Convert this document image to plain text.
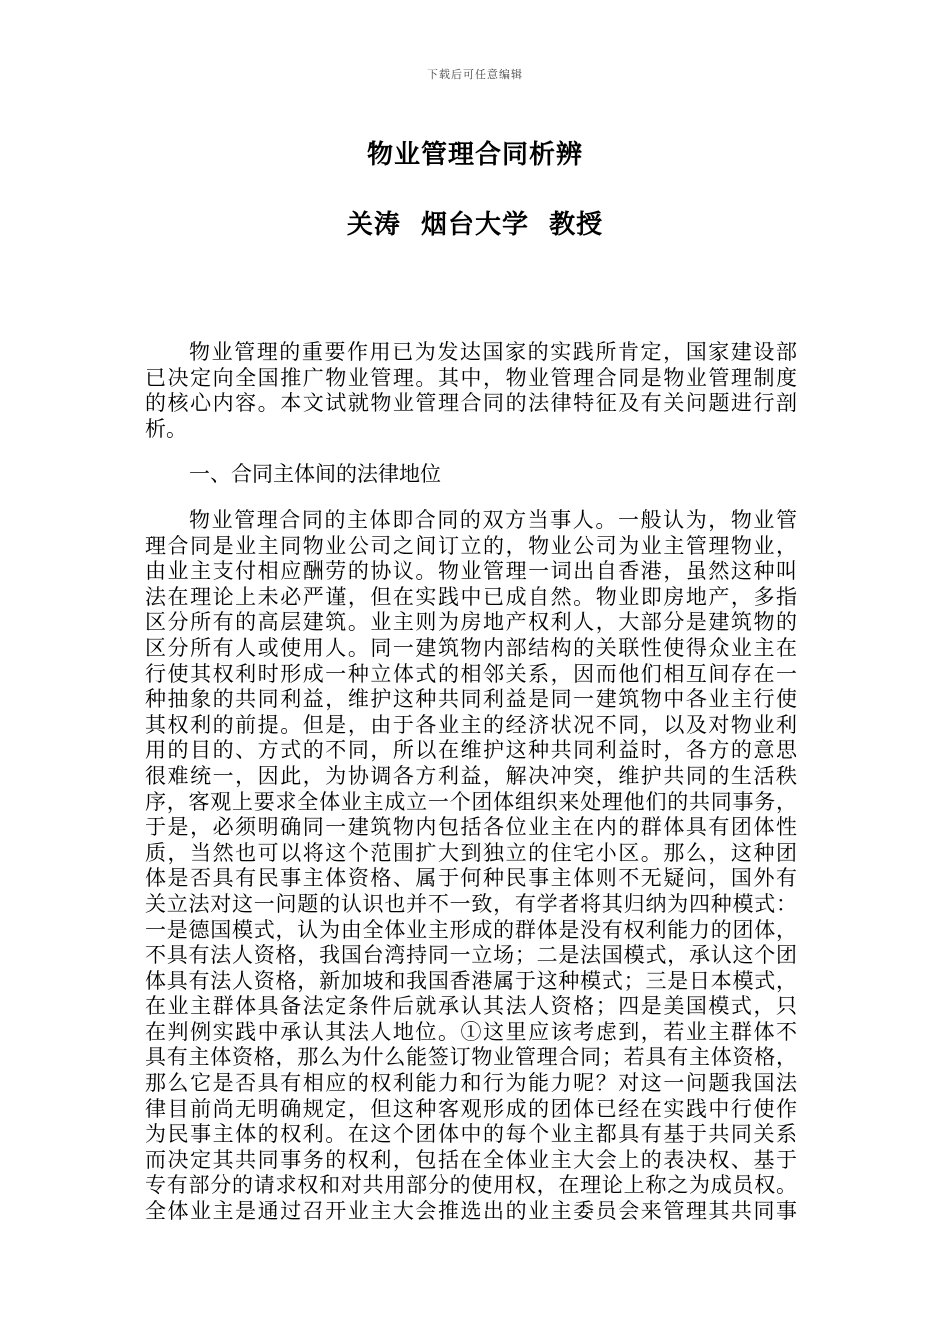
下载后可任意编辑
物业管理合同析辨
关涛  烟台大学  教授
物业管理的重要作用已为发达国家的实践所肯定，国家建设部
已决定向全国推广物业管理。其中，物业管理合同是物业管理制度
的核心内容。本文试就物业管理合同的法律特征及有关问题进行剖
析。
一、合同主体间的法律地位
物业管理合同的主体即合同的双方当事人。一般认为，物业管
理合同是业主同物业公司之间订立的，物业公司为业主管理物业，
由业主支付相应酬劳的协议。物业管理一词出自香港，虽然这种叫
法在理论上未必严谨，但在实践中已成自然。物业即房地产，多指
区分所有的高层建筑。业主则为房地产权利人，大部分是建筑物的
区分所有人或使用人。同一建筑物内部结构的关联性使得众业主在
行使其权利时形成一种立体式的相邻关系，因而他们相互间存在一
种抽象的共同利益，维护这种共同利益是同一建筑物中各业主行使
其权利的前提。但是，由于各业主的经济状况不同，以及对物业利
用的目的、方式的不同，所以在维护这种共同利益时，各方的意思
很难统一，因此，为协调各方利益，解决冲突，维护共同的生活秩
序，客观上要求全体业主成立一个团体组织来处理他们的共同事务，
于是，必须明确同一建筑物内包括各位业主在内的群体具有团体性
质，当然也可以将这个范围扩大到独立的住宅小区。那么，这种团
体是否具有民事主体资格、属于何种民事主体则不无疑问，国外有
关立法对这一问题的认识也并不一致，有学者将其归纳为四种模式：
一是德国模式，认为由全体业主形成的群体是没有权利能力的团体，
不具有法人资格，我国台湾持同一立场；二是法国模式，承认这个团
体具有法人资格，新加坡和我国香港属于这种模式；三是日本模式，
在业主群体具备法定条件后就承认其法人资格；四是美国模式，只
在判例实践中承认其法人地位。①这里应该考虑到，若业主群体不
具有主体资格，那么为什么能签订物业管理合同；若具有主体资格，
那么它是否具有相应的权利能力和行为能力呢？对这一问题我国法
律目前尚无明确规定，但这种客观形成的团体已经在实践中行使作
为民事主体的权利。在这个团体中的每个业主都具有基于共同关系
而决定其共同事务的权利，包括在全体业主大会上的表决权、基于
专有部分的请求权和对共用部分的使用权，在理论上称之为成员权。
全体业主是通过召开业主大会推选出的业主委员会来管理其共同事
